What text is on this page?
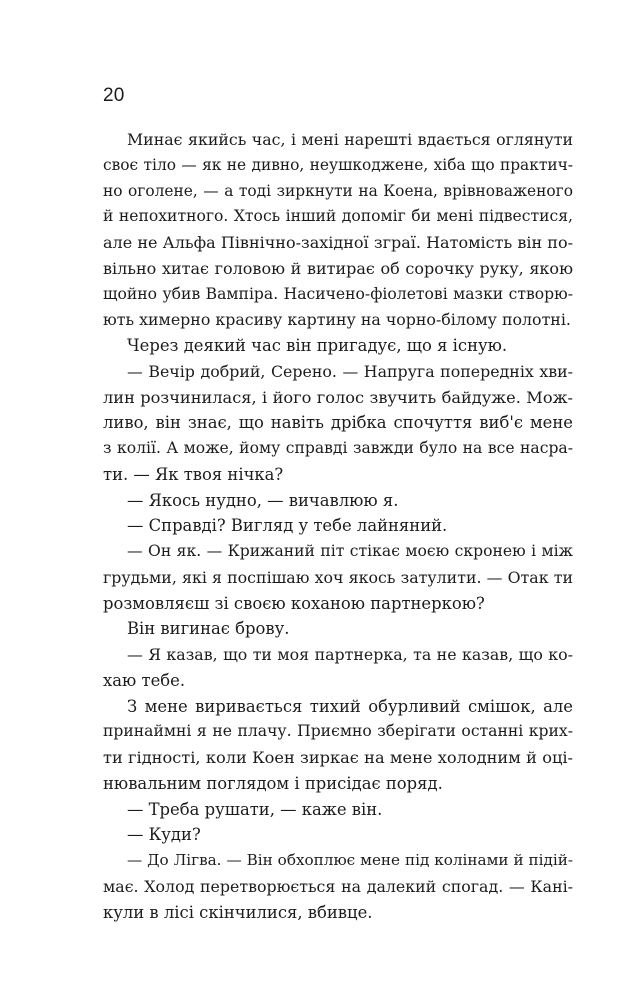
20
Минає якийсь час, і мені нарешті вдається оглянути
своє тіло — як не дивно, неушкоджене, хіба що практич-
но оголене, — а тоді зиркнути на Коена, врівноваженого
й непохитного. Хтось інший допоміг би мені підвестися,
але не Альфа Північно-західної зграї. Натомість він по-
вільно хитає головою й витирає об сорочку руку, якою
щойно убив Вампіра. Насичено-фіолетові мазки створю-
ють химерно красиву картину на чорно-білому полотні.
Через деякий час він пригадує, що я існую.
— Вечір добрий, Серено. — Напруга попередніх хви-
лин розчинилася, і його голос звучить байдуже. Мож-
ливо, він знає, що навіть дрібка спочуття виб'є мене
з колії. А може, йому справді завжди було на все насра-
ти. — Як твоя нічка?
— Якось нудно, — вичавлюю я.
— Справді? Вигляд у тебе лайняний.
— Он як. — Крижаний піт стікає моєю скронею і між
грудьми, які я поспішаю хоч якось затулити. — Отак ти
розмовляєш зі своєю коханою партнеркою?
Він вигинає брову.
— Я казав, що ти моя партнерка, та не казав, що ко-
хаю тебе.
З мене виривається тихий обурливий смішок, але
принаймні я не плачу. Приємно зберігати останні крих-
ти гідності, коли Коен зиркає на мене холодним й оці-
нювальним поглядом і присідає поряд.
— Треба рушати, — каже він.
— Куди?
— До Лігва. — Він обхоплює мене під колінами й підій-
має. Холод перетворюється на далекий спогад. — Кані-
кули в лісі скінчилися, вбивце.
